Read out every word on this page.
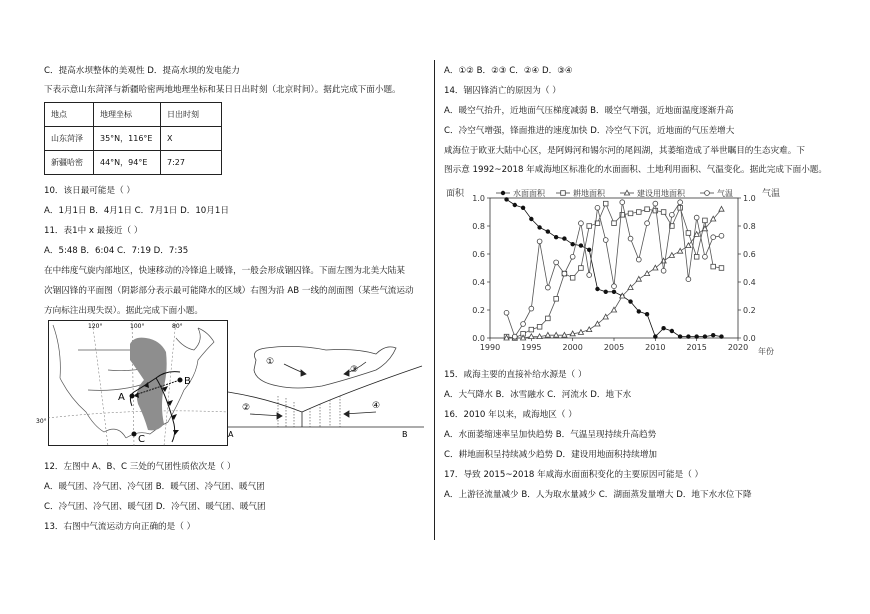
C．提高水坝整体的美观性 D．提高水坝的发电能力
下表示意山东菏泽与新疆哈密两地地理坐标和某日日出时刻（北京时间）。据此完成下面小题。
地点	地理坐标	日出时刻
山东菏泽	35°N，116°E	X
新疆哈密	44°N，94°E	7:27
10．该日最可能是（ ）
A．1月1日 B．4月1日 C．7月1日 D．10月1日
11．表1中 x 最接近（ ）
A．5:48 B．6:04 C．7:19 D．7:35
在中纬度气旋内部地区，快速移动的冷锋追上暖锋，一般会形成锢囚锋。下面左图为北美大陆某
次锢囚锋的平面图（阴影部分表示最可能降水的区域）右图为沿 AB 一线的剖面图（某些气流运动
方向标注出现失误）。据此完成下面小题。
120°	100°	80°
30°
A
B
C
①
③
②	④
A	B
12．左图中 A、B、C 三处的气团性质依次是（ ）
A．暖气团、冷气团、冷气团 B．暖气团、冷气团、暖气团
C．冷气团、冷气团、暖气团 D．冷气团、暖气团、暖气团
13．右图中气流运动方向正确的是（ ）
A．①② B．②③ C．②④ D．③④
14．锢囚锋消亡的原因为（ ）
A．暖空气抬升，近地面气压梯度减弱 B．暖空气增强，近地面温度逐渐升高
C．冷空气增强，锋面推进的速度加快 D．冷空气下沉，近地面的气压差增大
咸海位于欧亚大陆中心区，是阿姆河和锡尔河的尾闾湖，其萎缩造成了举世瞩目的生态灾难。下
图示意 1992~2018 年咸海地区标准化的水面面积、土地利用面积、气温变化。据此完成下面小题。
面积	气温
年份
水面面积	耕地面积	建设用地面积	气温
0.0	0.0
0.2	0.2
0.4	0.4
0.6	0.6
0.8	0.8
1.0	1.0
1990	1995	2000	2005	2010	2015	2020
15．咸海主要的直接补给水源是（ ）
A．大气降水 B．冰雪融水 C．河流水 D．地下水
16．2010 年以来，咸海地区（ ）
A．水面萎缩速率呈加快趋势 B．气温呈现持续升高趋势
C．耕地面积呈持续减少趋势 D．建设用地面积持续增加
17．导致 2015~2018 年咸海水面面积变化的主要原因可能是（ ）
A．上游径流量减少 B．人为取水量减少 C．湖面蒸发量增大 D．地下水水位下降
